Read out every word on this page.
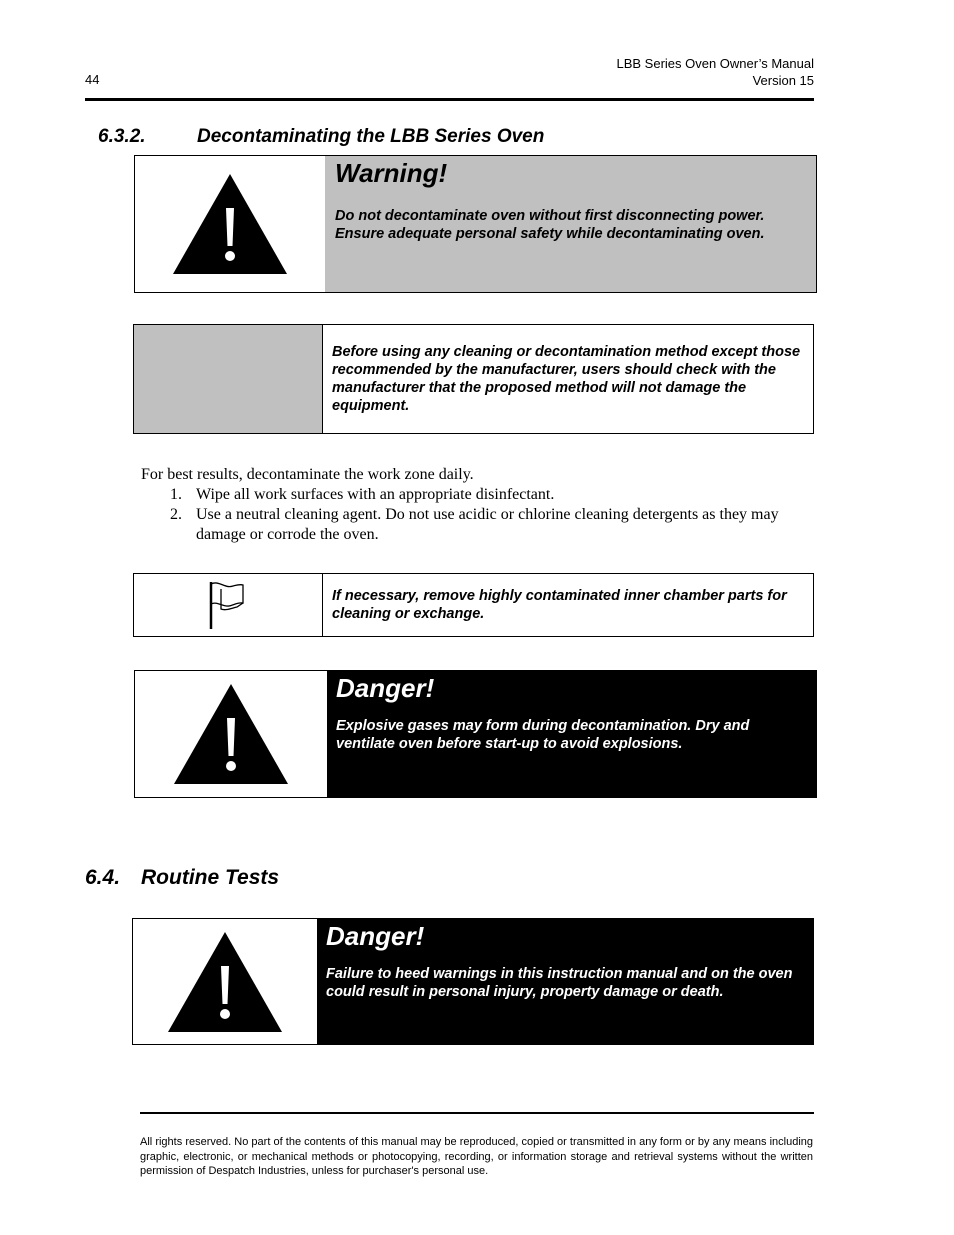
LBB Series Oven Owner’s Manual
Version 15
44
6.3.2.	Decontaminating the LBB Series Oven
Warning!
Do not decontaminate oven without first disconnecting power.
Ensure adequate personal safety while decontaminating oven.
Before using any cleaning or decontamination method except those recommended by the manufacturer, users should check with the manufacturer that the proposed method will not damage the equipment.
For best results, decontaminate the work zone daily.
1. Wipe all work surfaces with an appropriate disinfectant.
2. Use a neutral cleaning agent. Do not use acidic or chlorine cleaning detergents as they may damage or corrode the oven.
If necessary, remove highly contaminated inner chamber parts for cleaning or exchange.
Danger!
Explosive gases may form during decontamination. Dry and ventilate oven before start-up to avoid explosions.
6.4. Routine Tests
Danger!
Failure to heed warnings in this instruction manual and on the oven could result in personal injury, property damage or death.
All rights reserved. No part of the contents of this manual may be reproduced, copied or transmitted in any form or by any means including graphic, electronic, or mechanical methods or photocopying, recording, or information storage and retrieval systems without the written permission of Despatch Industries, unless for purchaser's personal use.
